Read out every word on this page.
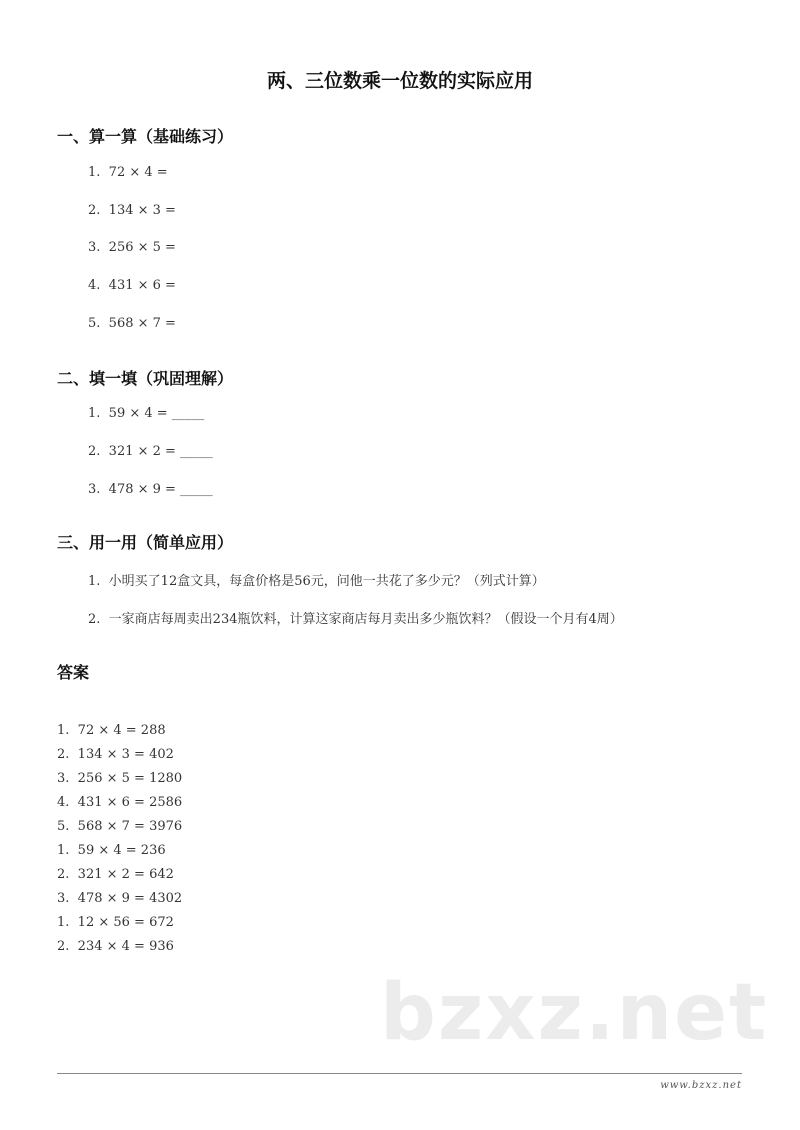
两、三位数乘一位数的实际应用
一、算一算（基础练习）
1.  72 × 4 =
2.  134 × 3 =
3.  256 × 5 =
4.  431 × 6 =
5.  568 × 7 =
二、填一填（巩固理解）
1.  59 × 4 = _____
2.  321 × 2 = _____
3.  478 × 9 = _____
三、用一用（简单应用）
1.  小明买了12盒文具，每盒价格是56元，问他一共花了多少元？（列式计算）
2.  一家商店每周卖出234瓶饮料，计算这家商店每月卖出多少瓶饮料？（假设一个月有4周）
答案
1.  72 × 4 = 288
2.  134 × 3 = 402
3.  256 × 5 = 1280
4.  431 × 6 = 2586
5.  568 × 7 = 3976
1.  59 × 4 = 236
2.  321 × 2 = 642
3.  478 × 9 = 4302
1.  12 × 56 = 672
2.  234 × 4 = 936
bzxz.net
www.bzxz.net
